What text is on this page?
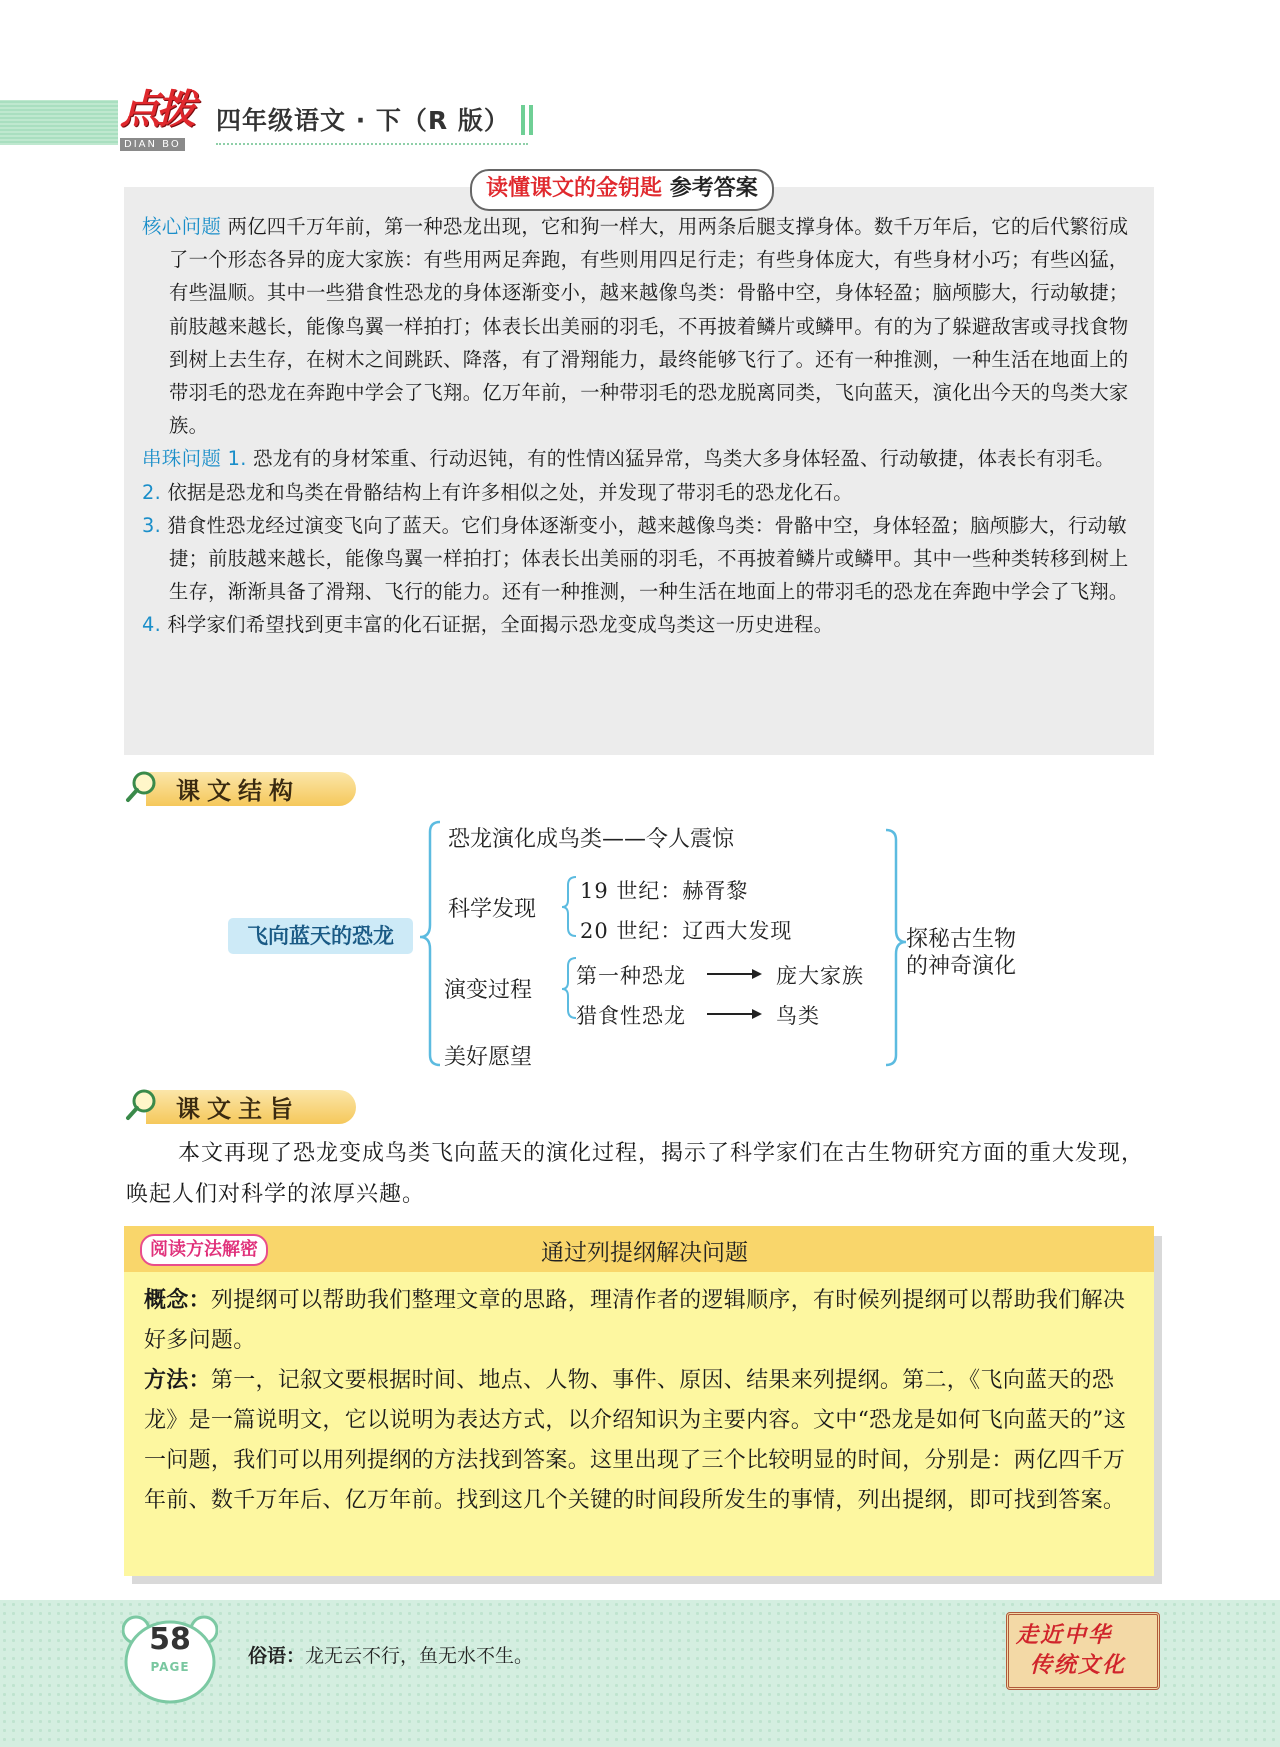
点拨
DIAN BO
四年级语文 · 下（R 版）
读懂课文的金钥匙 参考答案

核心问题 两亿四千万年前，第一种恐龙出现，它和狗一样大，用两条后腿支撑身体。数千万年后，它的后代繁衍成了一个形态各异的庞大家族：有些用两足奔跑，有些则用四足行走；有些身体庞大，有些身材小巧；有些凶猛，有些温顺。其中一些猎食性恐龙的身体逐渐变小，越来越像鸟类：骨骼中空，身体轻盈；脑颅膨大，行动敏捷；前肢越来越长，能像鸟翼一样拍打；体表长出美丽的羽毛，不再披着鳞片或鳞甲。有的为了躲避敌害或寻找食物到树上去生存，在树木之间跳跃、降落，有了滑翔能力，最终能够飞行了。还有一种推测，一种生活在地面上的带羽毛的恐龙在奔跑中学会了飞翔。亿万年前，一种带羽毛的恐龙脱离同类，飞向蓝天，演化出今天的鸟类大家族。

串珠问题 1. 恐龙有的身材笨重、行动迟钝，有的性情凶猛异常，鸟类大多身体轻盈、行动敏捷，体表长有羽毛。

2. 依据是恐龙和鸟类在骨骼结构上有许多相似之处，并发现了带羽毛的恐龙化石。

3. 猎食性恐龙经过演变飞向了蓝天。它们身体逐渐变小，越来越像鸟类：骨骼中空，身体轻盈；脑颅膨大，行动敏捷；前肢越来越长，能像鸟翼一样拍打；体表长出美丽的羽毛，不再披着鳞片或鳞甲。其中一些种类转移到树上生存，渐渐具备了滑翔、飞行的能力。还有一种推测，一种生活在地面上的带羽毛的恐龙在奔跑中学会了飞翔。

4. 科学家们希望找到更丰富的化石证据，全面揭示恐龙变成鸟类这一历史进程。

课文结构
飞向蓝天的恐龙
恐龙演化成鸟类——令人震惊
科学发现
19 世纪：赫胥黎
20 世纪：辽西大发现
演变过程
第一种恐龙	庞大家族
猎食性恐龙	鸟类
美好愿望
探秘古生物
的神奇演化
课文主旨
本文再现了恐龙变成鸟类飞向蓝天的演化过程，揭示了科学家们在古生物研究方面的重大发现，唤起人们对科学的浓厚兴趣。
阅读方法解密	通过列提纲解决问题

概念：列提纲可以帮助我们整理文章的思路，理清作者的逻辑顺序，有时候列提纲可以帮助我们解决好多问题。

方法：第一，记叙文要根据时间、地点、人物、事件、原因、结果来列提纲。第二，《飞向蓝天的恐龙》是一篇说明文，它以说明为表达方式，以介绍知识为主要内容。文中“恐龙是如何飞向蓝天的”这一问题，我们可以用列提纲的方法找到答案。这里出现了三个比较明显的时间，分别是：两亿四千万年前、数千万年后、亿万年前。找到这几个关键的时间段所发生的事情，列出提纲，即可找到答案。

58
PAGE	俗语：龙无云不行，鱼无水不生。
走近中华
传统文化
